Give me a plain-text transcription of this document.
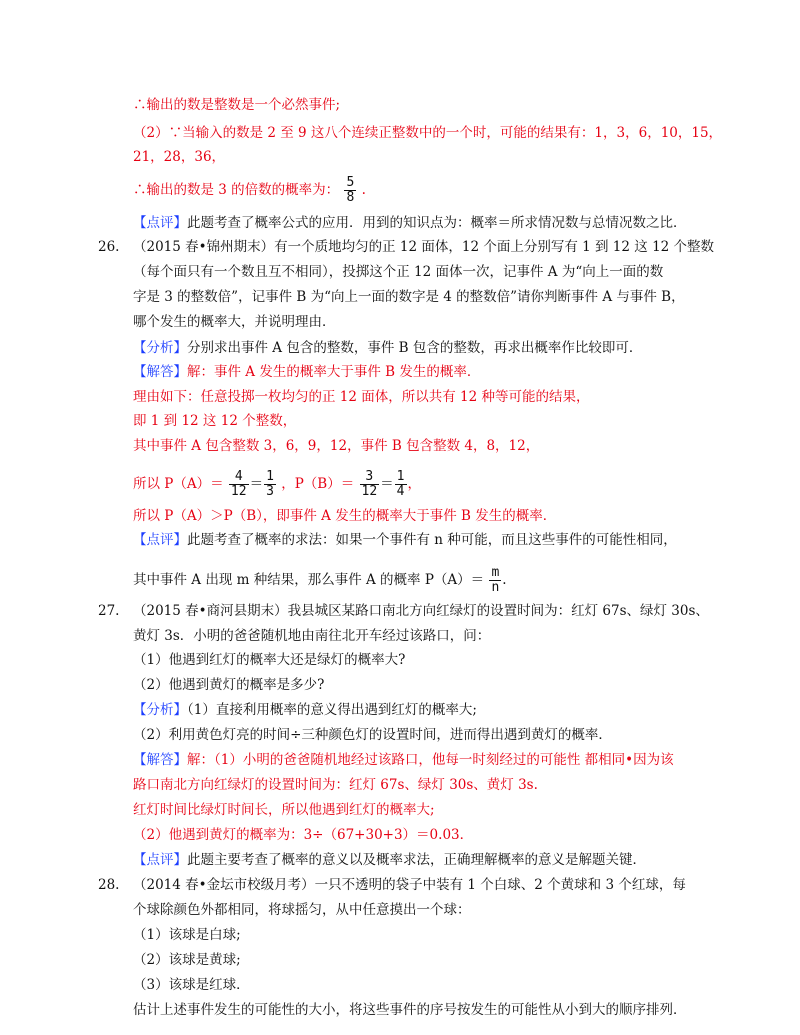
∴输出的数是整数是一个必然事件;
（2）∵当输入的数是 2 至 9 这八个连续正整数中的一个时，可能的结果有：1，3，6，10，15，
21，28，36，
∴输出的数是 3 的倍数的概率为： $\frac{5}{8}$ .
【点评】此题考查了概率公式的应用．用到的知识点为：概率＝所求情况数与总情况数之比．
26. （2015 春•锦州期末）有一个质地均匀的正 12 面体，12 个面上分别写有 1 到 12 这 12 个整数
（每个面只有一个数且互不相同），投掷这个正 12 面体一次，记事件 A 为“向上一面的数
字是 3 的整数倍”，记事件 B 为“向上一面的数字是 4 的整数倍”请你判断事件 A 与事件 B，
哪个发生的概率大，并说明理由．
【分析】分别求出事件 A 包含的整数，事件 B 包含的整数，再求出概率作比较即可．
【解答】解：事件 A 发生的概率大于事件 B 发生的概率．
理由如下：任意投掷一枚均匀的正 12 面体，所以共有 12 种等可能的结果，
即 1 到 12 这 12 个整数，
其中事件 A 包含整数 3，6，9，12，事件 B 包含整数 4，8，12，
所以 $P(A)= \frac{4}{12} = \frac{1}{3}$ ，$P(B)= \frac{3}{12} = \frac{1}{4}$ ，
所以 P（A）＞P（B），即事件 A 发生的概率大于事件 B 发生的概率．
【点评】此题考查了概率的求法：如果一个事件有 n 种可能，而且这些事件的可能性相同，
其中事件 A 出现 m 种结果，那么事件 A 的概率 $P(A)= \frac{m}{n}$ .
27. （2015 春•商河县期末）我县城区某路口南北方向红绿灯的设置时间为：红灯 67s、绿灯 30s、
黄灯 3s．小明的爸爸随机地由南往北开车经过该路口，问：
（1）他遇到红灯的概率大还是绿灯的概率大?
（2）他遇到黄灯的概率是多少?
【分析】（1）直接利用概率的意义得出遇到红灯的概率大;
（2）利用黄色灯亮的时间÷三种颜色灯的设置时间，进而得出遇到黄灯的概率．
【解答】解：（1）小明的爸爸随机地经过该路口，他每一时刻经过的可能性 都相同•因为该
路口南北方向红绿灯的设置时间为：红灯 67s、绿灯 30s、黄灯 3s.
红灯时间比绿灯时间长，所以他遇到红灯的概率大;
（2）他遇到黄灯的概率为：3÷（67+30+3）＝0.03．
【点评】此题主要考查了概率的意义以及概率求法，正确理解概率的意义是解题关键．
28. （2014 春•金坛市校级月考）一只不透明的袋子中装有 1 个白球、2 个黄球和 3 个红球，每
个球除颜色外都相同，将球摇匀，从中任意摸出一个球：
（1）该球是白球;
（2）该球是黄球;
（3）该球是红球．
估计上述事件发生的可能性的大小，将这些事件的序号按发生的可能性从小到大的顺序排列．
